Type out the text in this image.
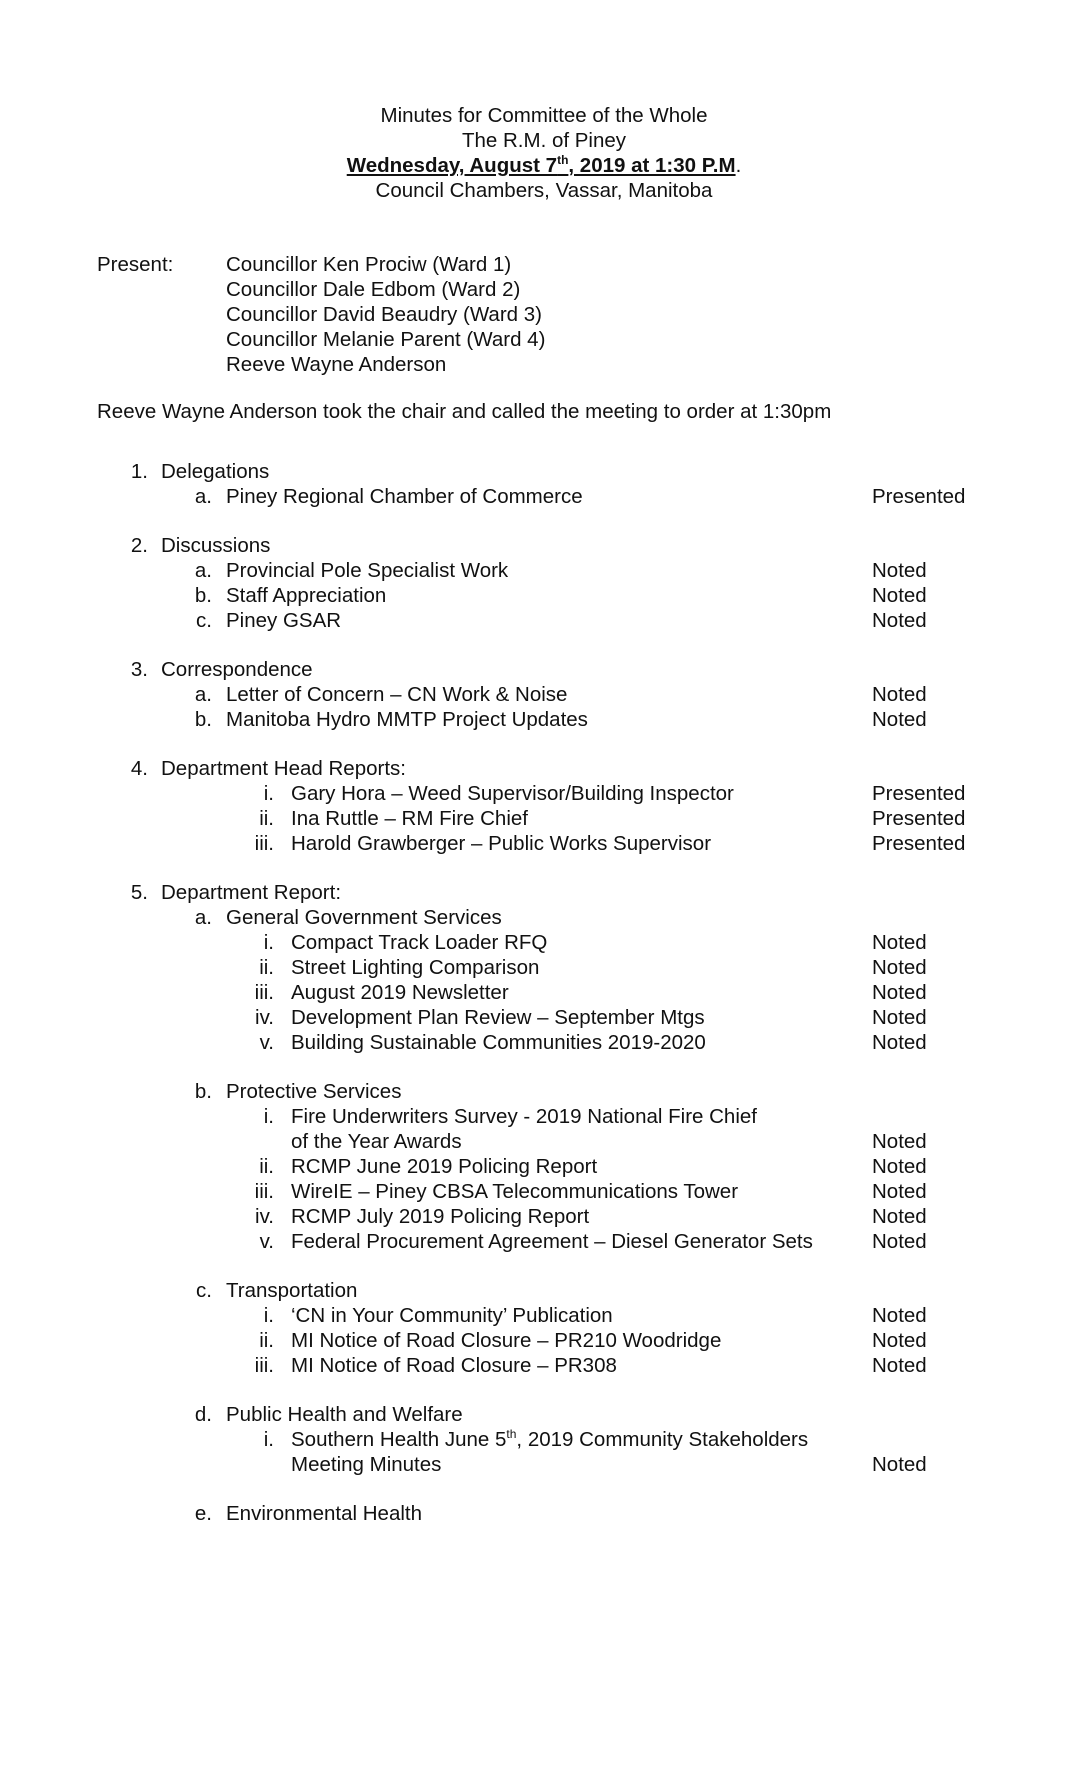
Minutes for Committee of the Whole
The R.M. of Piney
Wednesday, August 7th, 2019 at 1:30 P.M.
Council Chambers, Vassar, Manitoba
Present:	Councillor Ken Prociw (Ward 1)
Councillor Dale Edbom (Ward 2)
Councillor David Beaudry (Ward 3)
Councillor Melanie Parent (Ward 4)
Reeve Wayne Anderson
Reeve Wayne Anderson took the chair and called the meeting to order at 1:30pm
1. Delegations
a. Piney Regional Chamber of Commerce	Presented
2. Discussions
a. Provincial Pole Specialist Work	Noted
b. Staff Appreciation	Noted
c. Piney GSAR	Noted
3. Correspondence
a. Letter of Concern – CN Work & Noise	Noted
b. Manitoba Hydro MMTP Project Updates	Noted
4. Department Head Reports:
i. Gary Hora – Weed Supervisor/Building Inspector	Presented
ii. Ina Ruttle – RM Fire Chief	Presented
iii. Harold Grawberger – Public Works Supervisor	Presented
5. Department Report:
a. General Government Services
i. Compact Track Loader RFQ	Noted
ii. Street Lighting Comparison	Noted
iii. August 2019 Newsletter	Noted
iv. Development Plan Review – September Mtgs	Noted
v. Building Sustainable Communities 2019-2020	Noted
b. Protective Services
i. Fire Underwriters Survey - 2019 National Fire Chief
of the Year Awards	Noted
ii. RCMP June 2019 Policing Report	Noted
iii. WireIE – Piney CBSA Telecommunications Tower	Noted
iv. RCMP July 2019 Policing Report	Noted
v. Federal Procurement Agreement – Diesel Generator Sets	Noted
c. Transportation
i. ‘CN in Your Community’ Publication	Noted
ii. MI Notice of Road Closure – PR210 Woodridge	Noted
iii. MI Notice of Road Closure – PR308	Noted
d. Public Health and Welfare
i. Southern Health June 5th, 2019 Community Stakeholders
Meeting Minutes	Noted
e. Environmental Health
